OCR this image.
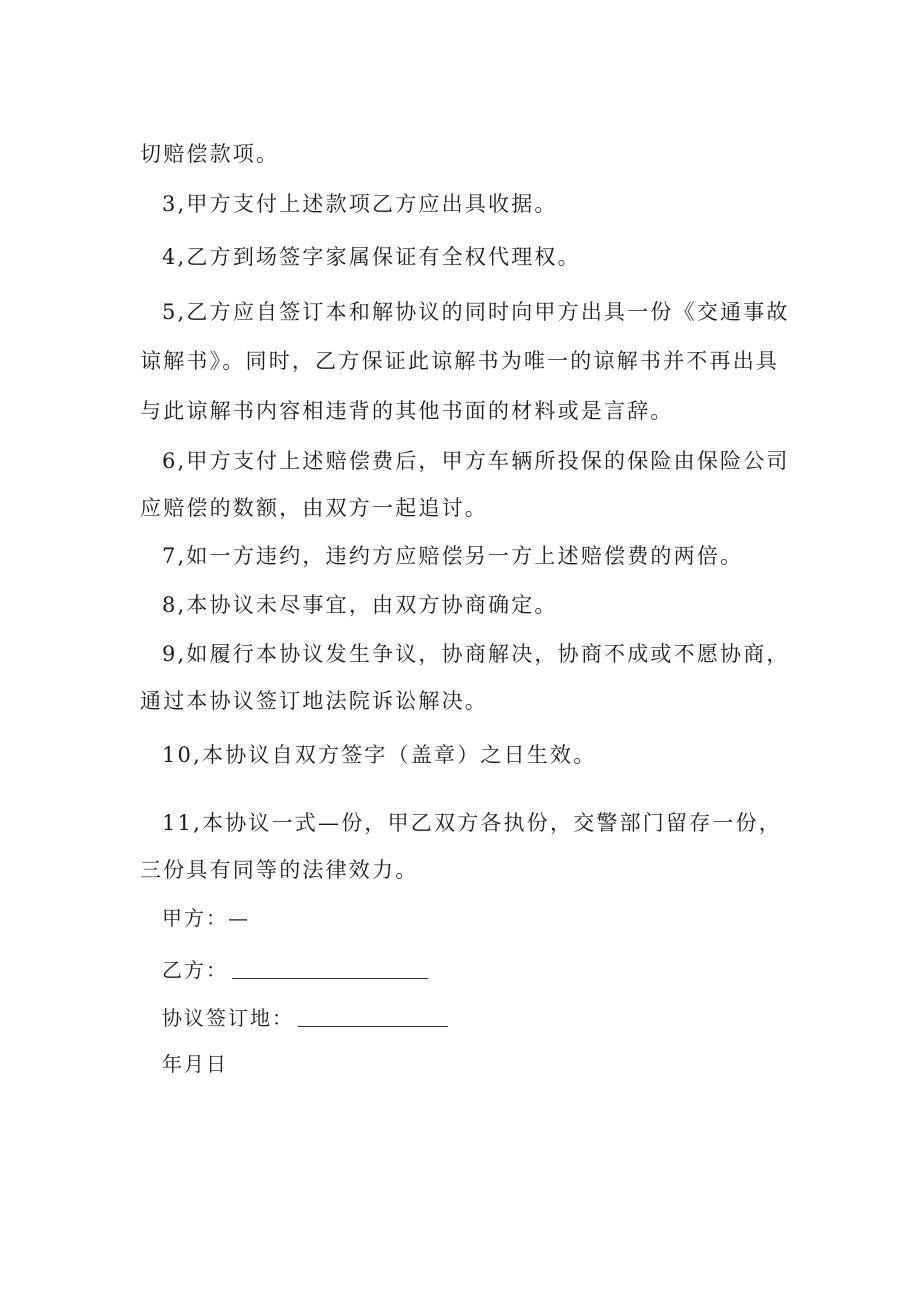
切赔偿款项。
3,甲方支付上述款项乙方应出具收据。
4,乙方到场签字家属保证有全权代理权。
5,乙方应自签订本和解协议的同时向甲方出具一份《交通事故
谅解书》。同时，乙方保证此谅解书为唯一的谅解书并不再出具
与此谅解书内容相违背的其他书面的材料或是言辞。
6,甲方支付上述赔偿费后，甲方车辆所投保的保险由保险公司
应赔偿的数额，由双方一起追讨。
7,如一方违约，违约方应赔偿另一方上述赔偿费的两倍。
8,本协议未尽事宜，由双方协商确定。
9,如履行本协议发生争议，协商解决，协商不成或不愿协商，
通过本协议签订地法院诉讼解决。
10,本协议自双方签字（盖章）之日生效。
11,本协议一式—份，甲乙双方各执份，交警部门留存一份，
三份具有同等的法律效力。
甲方：—
乙方：
协议签订地：
年月日
